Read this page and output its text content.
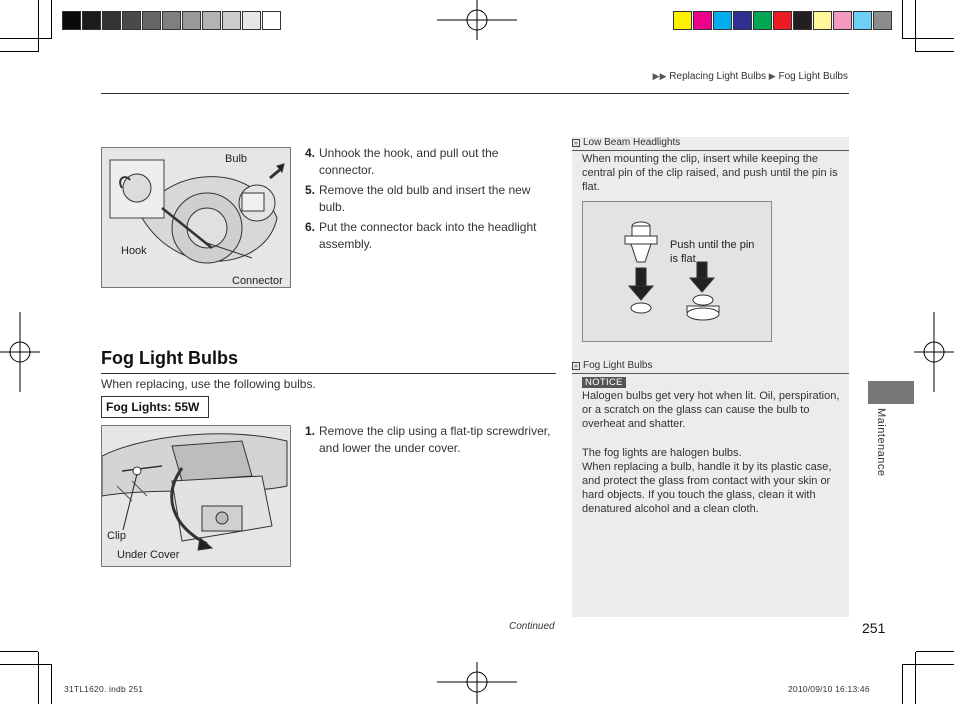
▶▶ Replacing Light Bulbs ▶ Fog Light Bulbs
Bulb
Hook
Connector
4. Unhook the hook, and pull out the connector.
5. Remove the old bulb and insert the new bulb.
6. Put the connector back into the headlight assembly.
Fog Light Bulbs
When replacing, use the following bulbs.
Fog Lights: 55W
Clip
Under Cover
1. Remove the clip using a flat-tip screwdriver, and lower the under cover.
» Low Beam Headlights
When mounting the clip, insert while keeping the central pin of the clip raised, and push until the pin is flat.
Push until the pin is flat
» Fog Light Bulbs
NOTICE
Halogen bulbs get very hot when lit. Oil, perspiration, or a scratch on the glass can cause the bulb to overheat and shatter.
The fog lights are halogen bulbs.
When replacing a bulb, handle it by its plastic case, and protect the glass from contact with your skin or hard objects. If you touch the glass, clean it with denatured alcohol and a clean cloth.
Maintenance
Continued	251
31TL1620. indb 251	2010/09/10 16:13:46
